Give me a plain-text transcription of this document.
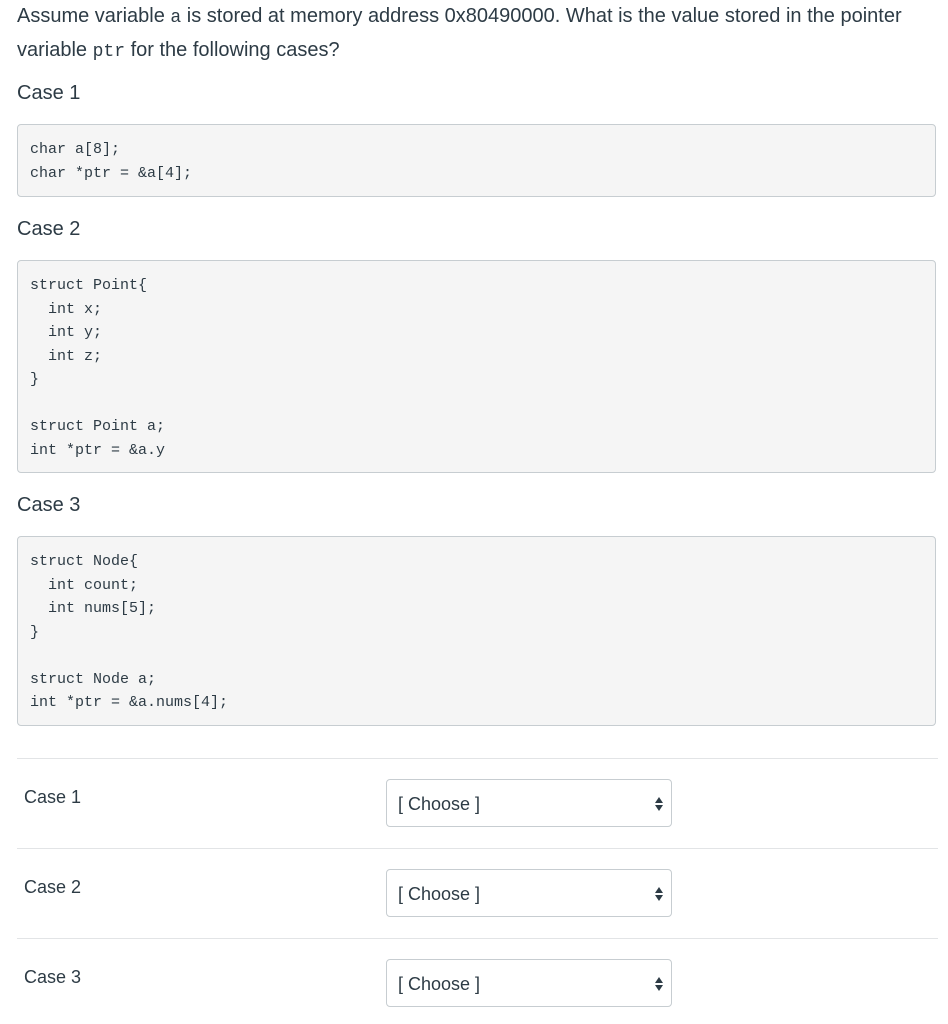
Assume variable a is stored at memory address 0x80490000. What is the value stored in the pointer variable ptr for the following cases?

Case 1
char a[8];
char *ptr = &a[4];
Case 2
struct Point{
int x;
int y;
int z;
}

struct Point a;
int *ptr = &a.y
Case 3
struct Node{
int count;
int nums[5];
}

struct Node a;
int *ptr = &a.nums[4];
Case 1	[ Choose ]
Case 2	[ Choose ]
Case 3	[ Choose ]
